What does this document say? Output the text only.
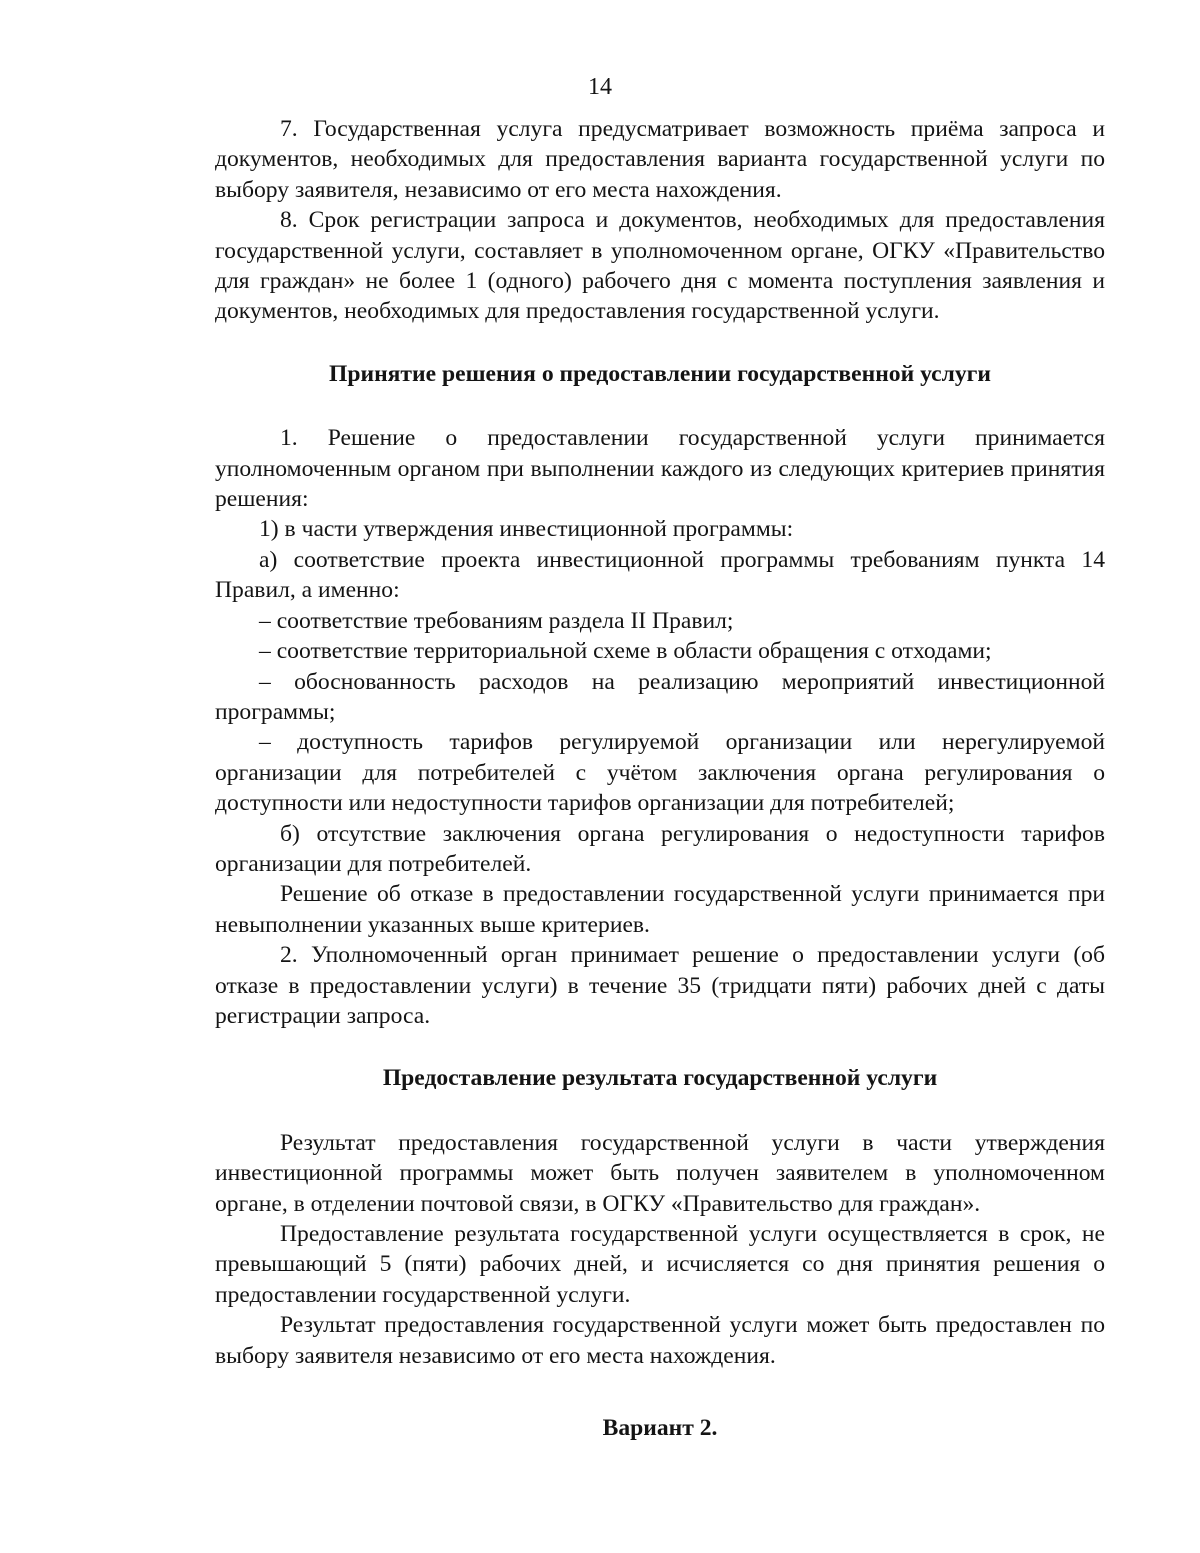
14

7. Государственная услуга предусматривает возможность приёма запроса и документов, необходимых для предоставления варианта государственной услуги по выбору заявителя, независимо от его места нахождения.

8. Срок регистрации запроса и документов, необходимых для предоставления государственной услуги, составляет в уполномоченном органе, ОГКУ «Правительство для граждан» не более 1 (одного) рабочего дня с момента поступления заявления и документов, необходимых для предоставления государственной услуги.

Принятие решения о предоставлении государственной услуги

1. Решение о предоставлении государственной услуги принимается уполномоченным органом при выполнении каждого из следующих критериев принятия решения:

1) в части утверждения инвестиционной программы:

а) соответствие проекта инвестиционной программы требованиям пункта 14 Правил, а именно:

– соответствие требованиям раздела II Правил;

– соответствие территориальной схеме в области обращения с отходами;

– обоснованность расходов на реализацию мероприятий инвестиционной программы;

– доступность тарифов регулируемой организации или нерегулируемой организации для потребителей с учётом заключения органа регулирования о доступности или недоступности тарифов организации для потребителей;

б) отсутствие заключения органа регулирования о недоступности тарифов организации для потребителей.

Решение об отказе в предоставлении государственной услуги принимается при невыполнении указанных выше критериев.

2. Уполномоченный орган принимает решение о предоставлении услуги (об отказе в предоставлении услуги) в течение 35 (тридцати пяти) рабочих дней с даты регистрации запроса.

Предоставление результата государственной услуги

Результат предоставления государственной услуги в части утверждения инвестиционной программы может быть получен заявителем в уполномоченном органе, в отделении почтовой связи, в ОГКУ «Правительство для граждан».

Предоставление результата государственной услуги осуществляется в срок, не превышающий 5 (пяти) рабочих дней, и исчисляется со дня принятия решения о предоставлении государственной услуги.

Результат предоставления государственной услуги может быть предоставлен по выбору заявителя независимо от его места нахождения.

Вариант 2.
